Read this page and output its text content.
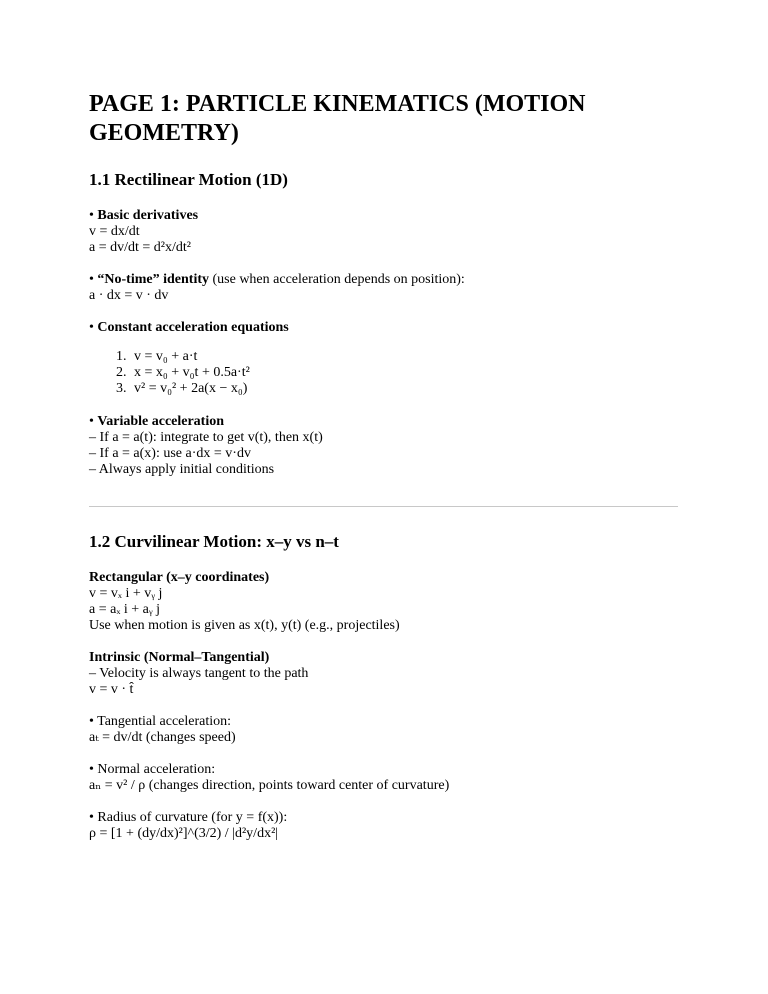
PAGE 1: PARTICLE KINEMATICS (MOTION GEOMETRY)
1.1 Rectilinear Motion (1D)

• Basic derivatives
v = dx/dt
a = dv/dt = d²x/dt²

• “No-time” identity (use when acceleration depends on position):
a · dx = v · dv

• Constant acceleration equations

1. v = v₀ + a·t
2. x = x₀ + v₀t + 0.5a·t²
3. v² = v₀² + 2a(x − x₀)

• Variable acceleration
– If a = a(t): integrate to get v(t), then x(t)
– If a = a(x): use a·dx = v·dv
– Always apply initial conditions

1.2 Curvilinear Motion: x–y vs n–t

Rectangular (x–y coordinates)
v = vₓ i + vᵧ j
a = aₓ i + aᵧ j
Use when motion is given as x(t), y(t) (e.g., projectiles)

Intrinsic (Normal–Tangential)
– Velocity is always tangent to the path
v = v · t̂

• Tangential acceleration:
aₜ = dv/dt (changes speed)

• Normal acceleration:
aₙ = v² / ρ (changes direction, points toward center of curvature)

• Radius of curvature (for y = f(x)):
ρ = [1 + (dy/dx)²]^(3/2) / |d²y/dx²|
